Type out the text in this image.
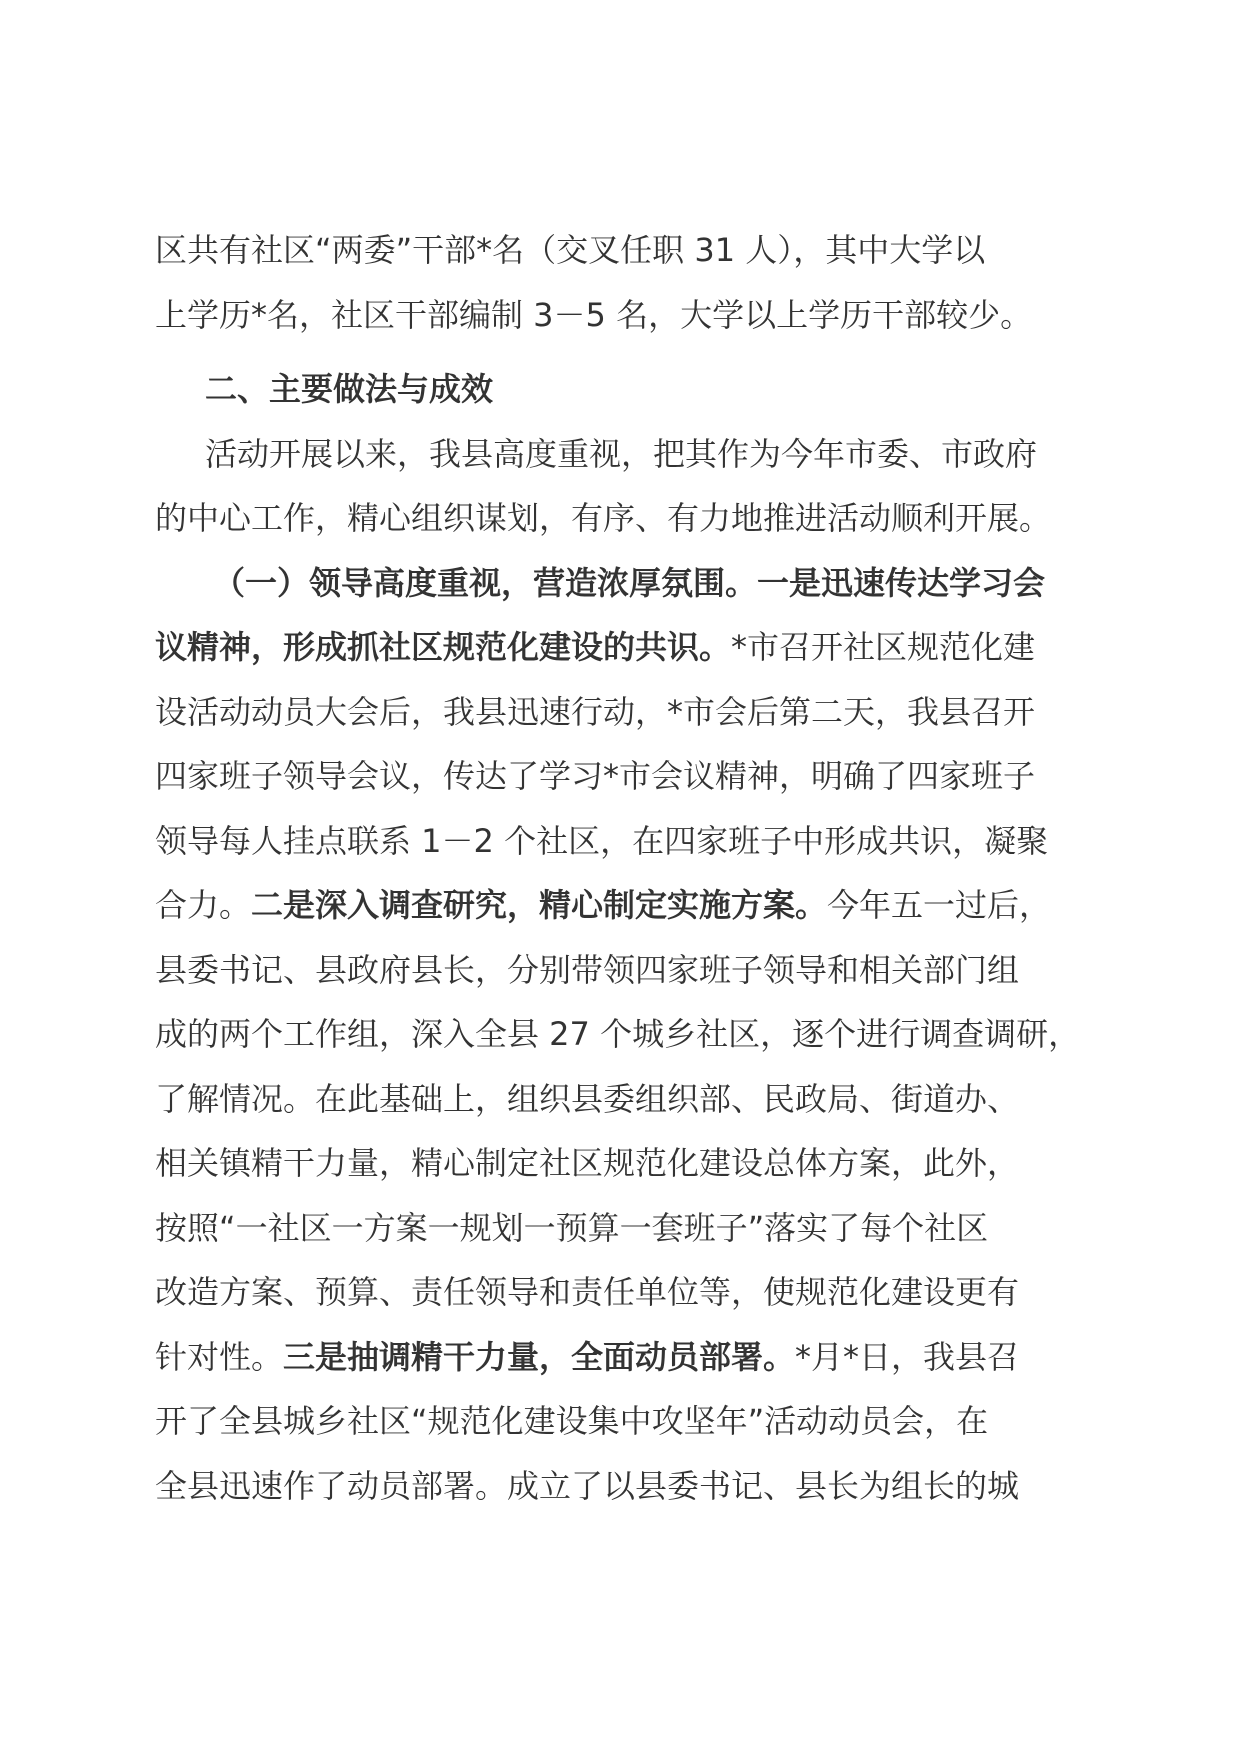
区共有社区“两委”干部*名（交叉任职 31 人），其中大学以
上学历*名，社区干部编制 3－5 名，大学以上学历干部较少。
二、主要做法与成效
活动开展以来，我县高度重视，把其作为今年市委、市政府
的中心工作，精心组织谋划，有序、有力地推进活动顺利开展。
（一）领导高度重视，营造浓厚氛围。一是迅速传达学习会
议精神，形成抓社区规范化建设的共识。*市召开社区规范化建
设活动动员大会后，我县迅速行动，*市会后第二天，我县召开
四家班子领导会议，传达了学习*市会议精神，明确了四家班子
领导每人挂点联系 1－2 个社区，在四家班子中形成共识，凝聚
合力。二是深入调查研究，精心制定实施方案。今年五一过后，
县委书记、县政府县长，分别带领四家班子领导和相关部门组
成的两个工作组，深入全县 27 个城乡社区，逐个进行调查调研，
了解情况。在此基础上，组织县委组织部、民政局、街道办、
相关镇精干力量，精心制定社区规范化建设总体方案，此外，
按照“一社区一方案一规划一预算一套班子”落实了每个社区
改造方案、预算、责任领导和责任单位等，使规范化建设更有
针对性。三是抽调精干力量，全面动员部署。*月*日，我县召
开了全县城乡社区“规范化建设集中攻坚年”活动动员会，在
全县迅速作了动员部署。成立了以县委书记、县长为组长的城
